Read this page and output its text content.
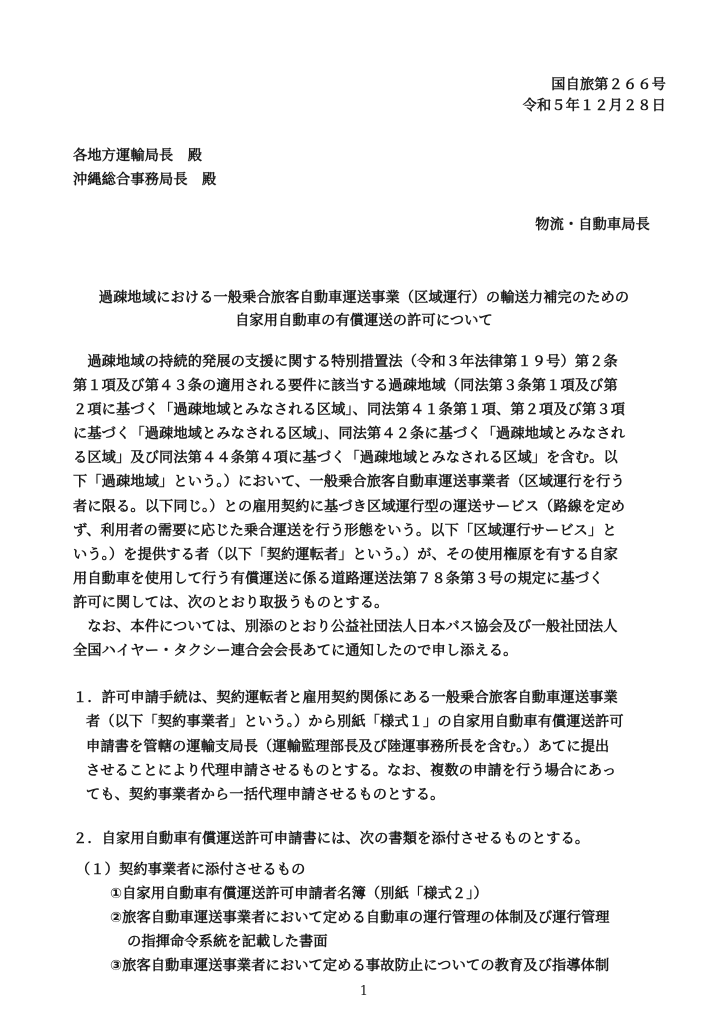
国自旅第２６６号
令和５年１２月２８日
各地方運輸局長　殿
沖縄総合事務局長　殿
物流・自動車局長
過疎地域における一般乗合旅客自動車運送事業（区域運行）の輸送力補完のための
自家用自動車の有償運送の許可について
　過疎地域の持続的発展の支援に関する特別措置法（令和３年法律第１９号）第２条
第１項及び第４３条の適用される要件に該当する過疎地域（同法第３条第１項及び第
２項に基づく「過疎地域とみなされる区域」、同法第４１条第１項、第２項及び第３項
に基づく「過疎地域とみなされる区域」、同法第４２条に基づく「過疎地域とみなされ
る区域」及び同法第４４条第４項に基づく「過疎地域とみなされる区域」を含む。以
下「過疎地域」という。）において、一般乗合旅客自動車運送事業者（区域運行を行う
者に限る。以下同じ。）との雇用契約に基づき区域運行型の運送サービス（路線を定め
ず、利用者の需要に応じた乗合運送を行う形態をいう。以下「区域運行サービス」と
いう。）を提供する者（以下「契約運転者」という。）が、その使用権原を有する自家
用自動車を使用して行う有償運送に係る道路運送法第７８条第３号の規定に基づく
許可に関しては、次のとおり取扱うものとする。
　なお、本件については、別添のとおり公益社団法人日本バス協会及び一般社団法人
全国ハイヤー・タクシー連合会会長あてに通知したので申し添える。
１．許可申請手続は、契約運転者と雇用契約関係にある一般乗合旅客自動車運送事業
者（以下「契約事業者」という。）から別紙「様式１」の自家用自動車有償運送許可
申請書を管轄の運輸支局長（運輸監理部長及び陸運事務所長を含む。）あてに提出
させることにより代理申請させるものとする。なお、複数の申請を行う場合にあっ
ても、契約事業者から一括代理申請させるものとする。
２．自家用自動車有償運送許可申請書には、次の書類を添付させるものとする。
（１）契約事業者に添付させるもの
①自家用自動車有償運送許可申請者名簿（別紙「様式２」）
②旅客自動車運送事業者において定める自動車の運行管理の体制及び運行管理
の指揮命令系統を記載した書面
③旅客自動車運送事業者において定める事故防止についての教育及び指導体制
1
